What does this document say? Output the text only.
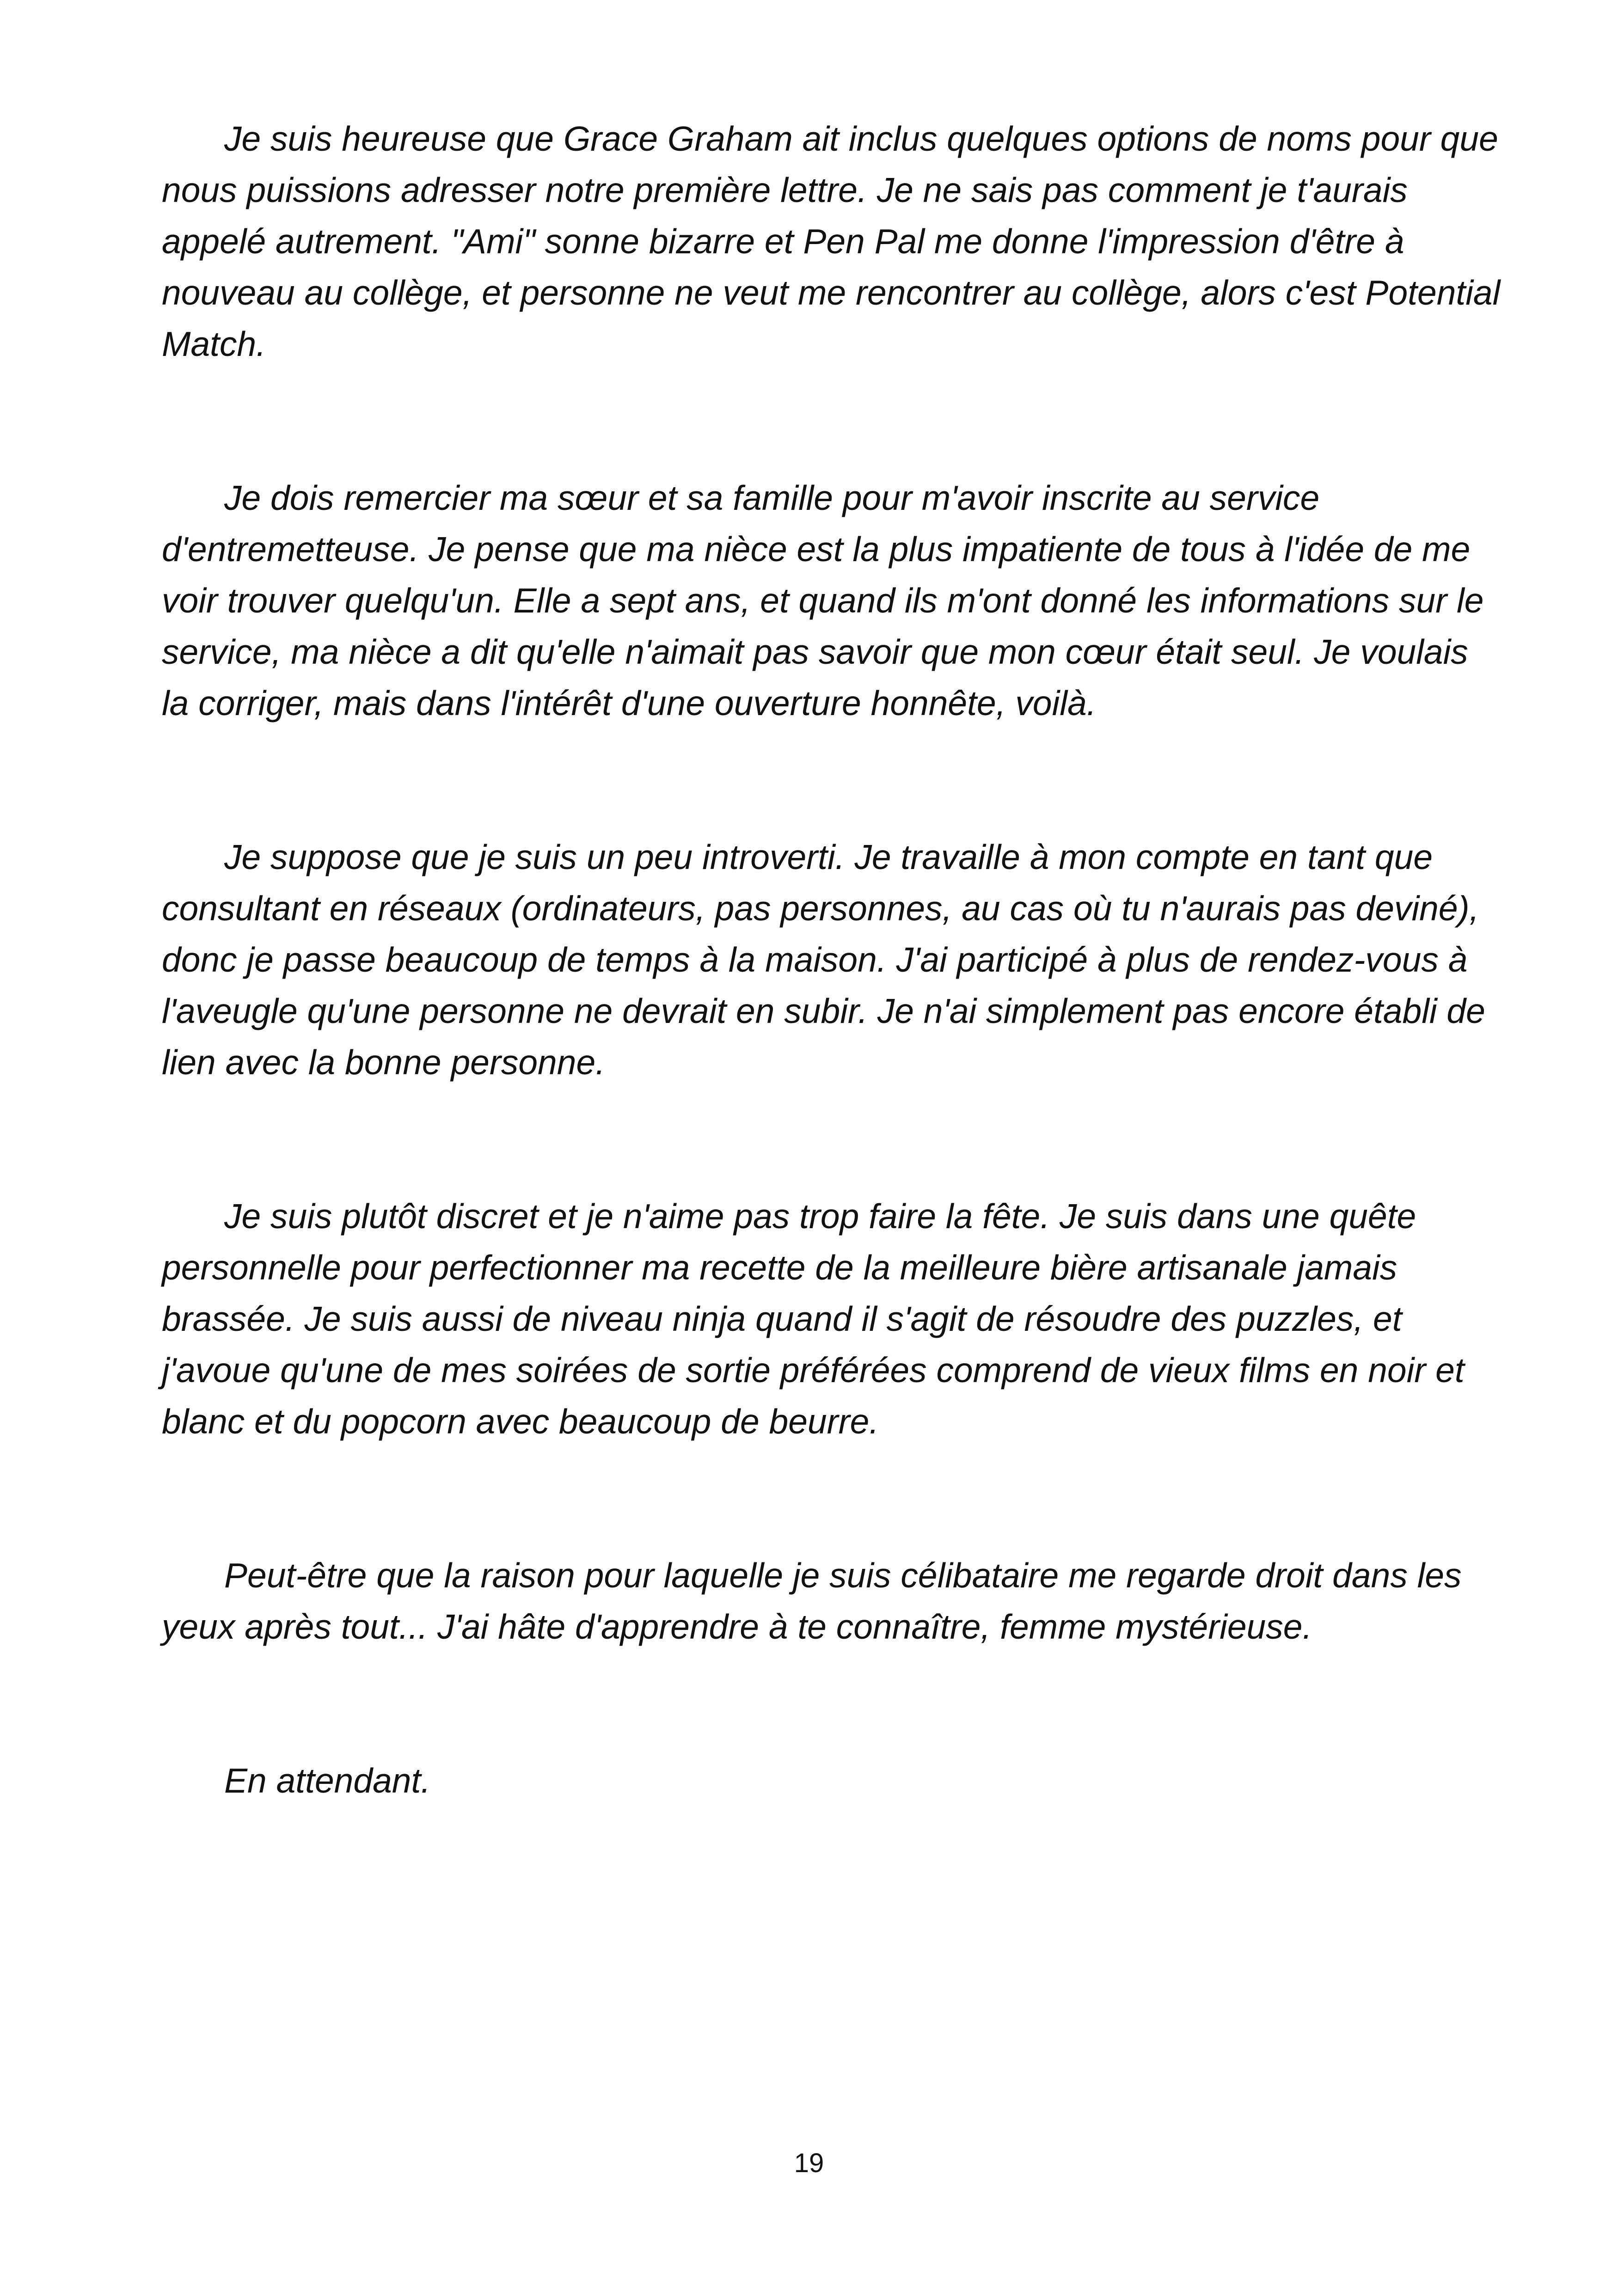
Je suis heureuse que Grace Graham ait inclus quelques options de noms pour que nous puissions adresser notre première lettre. Je ne sais pas comment je t'aurais appelé autrement. "Ami" sonne bizarre et Pen Pal me donne l'impression d'être à nouveau au collège, et personne ne veut me rencontrer au collège, alors c'est Potential Match.

Je dois remercier ma sœur et sa famille pour m'avoir inscrite au service d'entremetteuse. Je pense que ma nièce est la plus impatiente de tous à l'idée de me voir trouver quelqu'un. Elle a sept ans, et quand ils m'ont donné les informations sur le service, ma nièce a dit qu'elle n'aimait pas savoir que mon cœur était seul. Je voulais la corriger, mais dans l'intérêt d'une ouverture honnête, voilà.

Je suppose que je suis un peu introverti. Je travaille à mon compte en tant que consultant en réseaux (ordinateurs, pas personnes, au cas où tu n'aurais pas deviné), donc je passe beaucoup de temps à la maison. J'ai participé à plus de rendez-vous à l'aveugle qu'une personne ne devrait en subir. Je n'ai simplement pas encore établi de lien avec la bonne personne.

Je suis plutôt discret et je n'aime pas trop faire la fête. Je suis dans une quête personnelle pour perfectionner ma recette de la meilleure bière artisanale jamais brassée. Je suis aussi de niveau ninja quand il s'agit de résoudre des puzzles, et j'avoue qu'une de mes soirées de sortie préférées comprend de vieux films en noir et blanc et du popcorn avec beaucoup de beurre.

Peut-être que la raison pour laquelle je suis célibataire me regarde droit dans les yeux après tout... J'ai hâte d'apprendre à te connaître, femme mystérieuse.

En attendant.

19
